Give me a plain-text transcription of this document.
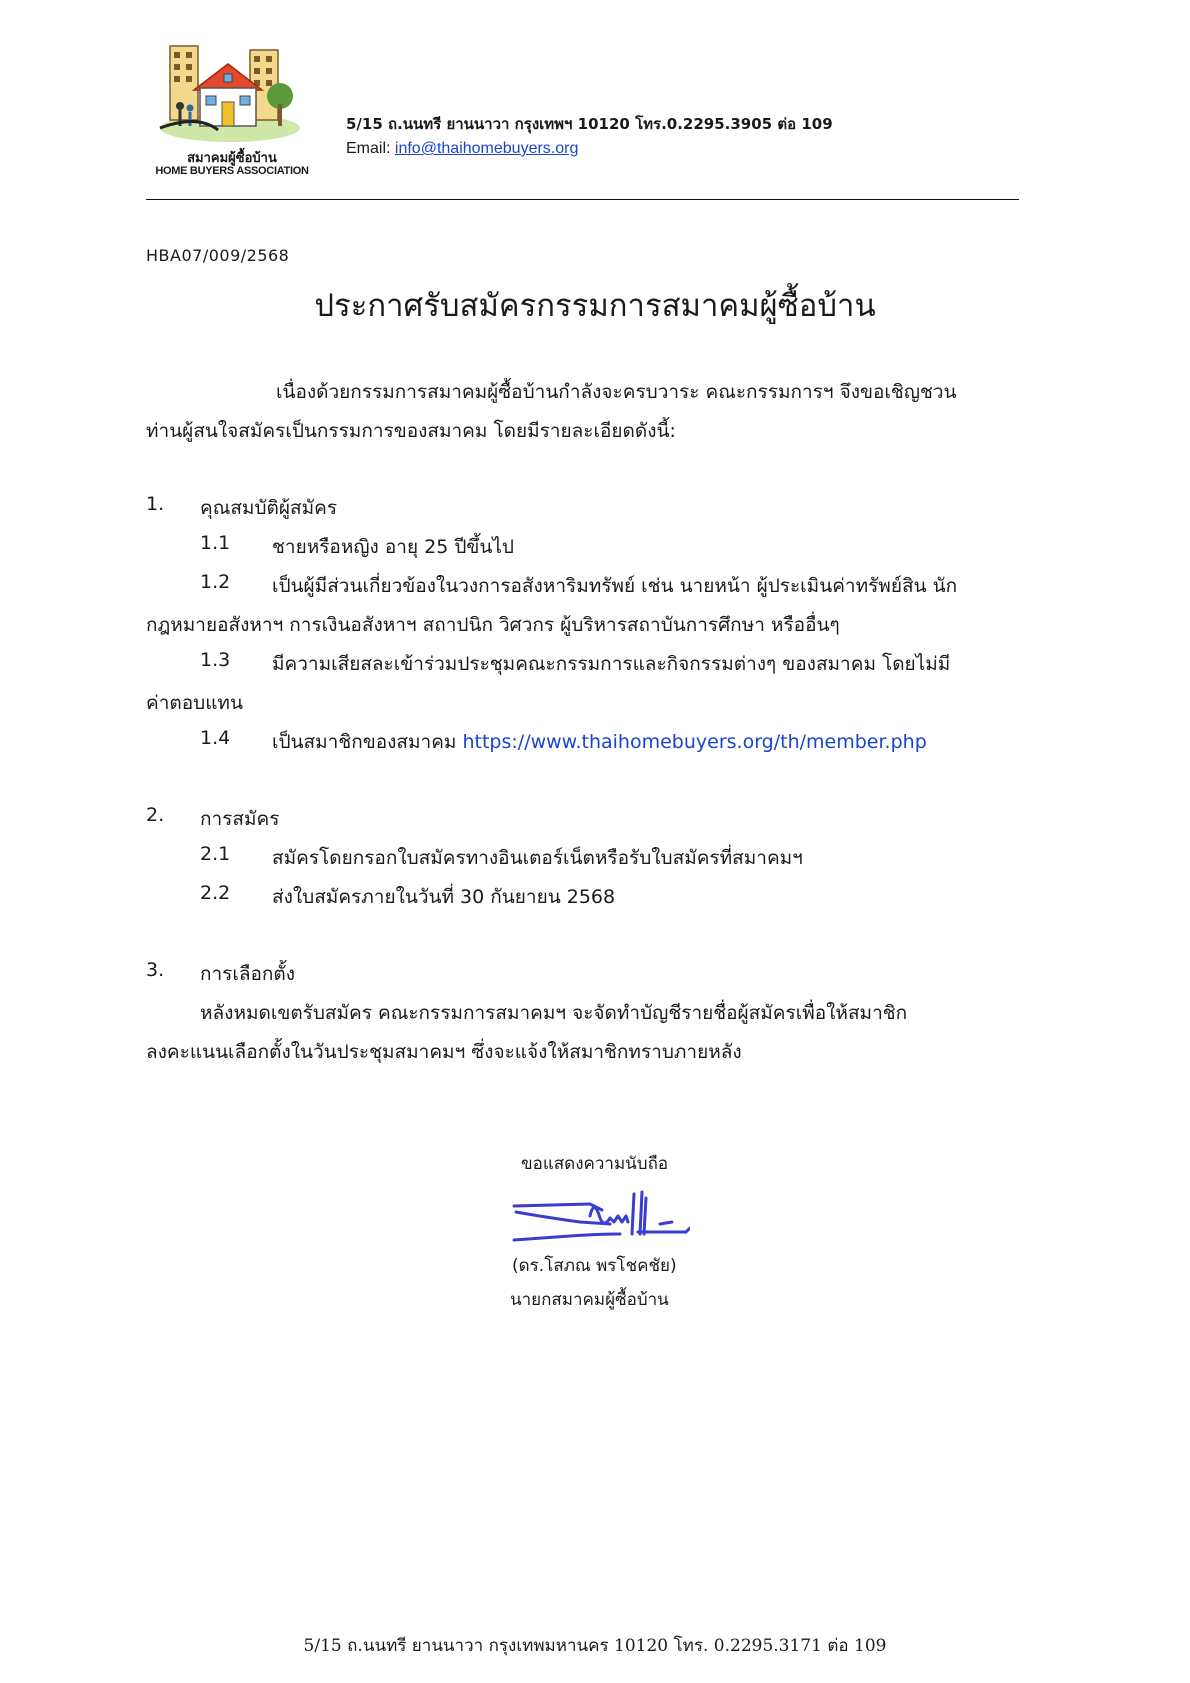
สมาคมผู้ซื้อบ้าน
HOME BUYERS ASSOCIATION
5/15 ถ.นนทรี ยานนาวา กรุงเทพฯ 10120 โทร.0.2295.3905 ต่อ 109
Email: info@thaihomebuyers.org
HBA07/009/2568
ประกาศรับสมัครกรรมการสมาคมผู้ซื้อบ้าน
เนื่องด้วยกรรมการสมาคมผู้ซื้อบ้านกำลังจะครบวาระ คณะกรรมการฯ จึงขอเชิญชวน
ท่านผู้สนใจสมัครเป็นกรรมการของสมาคม โดยมีรายละเอียดดังนี้:
1. คุณสมบัติผู้สมัคร
1.1 ชายหรือหญิง อายุ 25 ปีขึ้นไป
1.2 เป็นผู้มีส่วนเกี่ยวข้องในวงการอสังหาริมทรัพย์ เช่น นายหน้า ผู้ประเมินค่าทรัพย์สิน นัก
กฎหมายอสังหาฯ การเงินอสังหาฯ สถาปนิก วิศวกร ผู้บริหารสถาบันการศึกษา หรืออื่นๆ
1.3 มีความเสียสละเข้าร่วมประชุมคณะกรรมการและกิจกรรมต่างๆ ของสมาคม โดยไม่มี
ค่าตอบแทน
1.4 เป็นสมาชิกของสมาคม https://www.thaihomebuyers.org/th/member.php
2. การสมัคร
2.1 สมัครโดยกรอกใบสมัครทางอินเตอร์เน็ตหรือรับใบสมัครที่สมาคมฯ
2.2 ส่งใบสมัครภายในวันที่ 30 กันยายน 2568
3. การเลือกตั้ง
หลังหมดเขตรับสมัคร คณะกรรมการสมาคมฯ จะจัดทำบัญชีรายชื่อผู้สมัครเพื่อให้สมาชิก
ลงคะแนนเลือกตั้งในวันประชุมสมาคมฯ ซึ่งจะแจ้งให้สมาชิกทราบภายหลัง
ขอแสดงความนับถือ
(ดร.โสภณ พรโชคชัย)
นายกสมาคมผู้ซื้อบ้าน
5/15 ถ.นนทรี ยานนาวา กรุงเทพมหานคร 10120 โทร. 0.2295.3171 ต่อ 109
